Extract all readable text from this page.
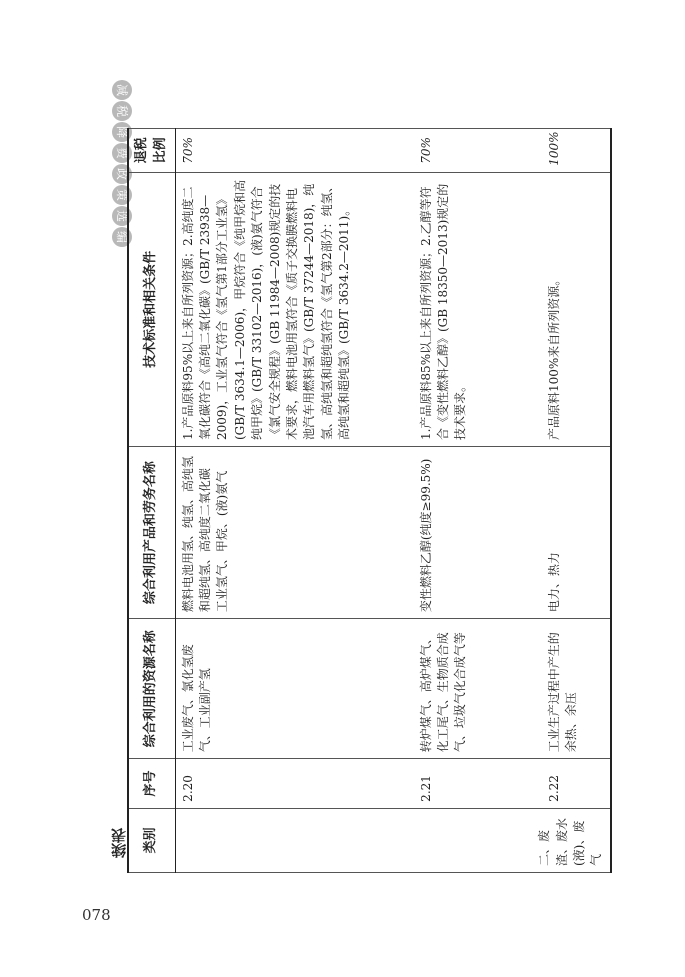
减
税
降
费
政
策
选
编
续表 类别	序号	综合利用的资源名称	综合利用产品和劳务名称	技术标准和相关条件	退税比例
二、废渣、废水(液)、废气	2.20	工业废气、氯化氢废气、工业副产氢	燃料电池用氢、纯氢、高纯氢和超纯氢、高纯度二氧化碳 工业氢气、甲烷、(液)氨气	1.产品原料95%以上来自所列资源；2.高纯度二氧化碳符合《高纯二氧化碳》(GB/T 23938—2009)，工业氢气符合《氢气第1部分工业氢》(GB/T 3634.1—2006)，甲烷符合《纯甲烷和高纯甲烷》(GB/T 33102—2016)，(液)氨气符合《氯气安全规程》(GB 11984—2008)规定的技术要求，燃料电池用氢符合《质子交换膜燃料电池汽车用燃料氢气》(GB/T 37244—2018)，纯氢、高纯氢和超纯氢符合《氢气第2部分：纯氢、高纯氢和超纯氢》(GB/T 3634.2—2011)。	70%
	2.21	转炉煤气、高炉煤气、化工尾气、生物质合成气、垃圾气化合成气等	变性燃料乙醇(纯度≥99.5%)	1.产品原料85%以上来自所列资源；2.乙醇等符合《变性燃料乙醇》(GB 18350—2013)规定的技术要求。	70%
	2.22	工业生产过程中产生的余热、余压	电力、热力	产品原料100%来自所列资源。	100%
078
